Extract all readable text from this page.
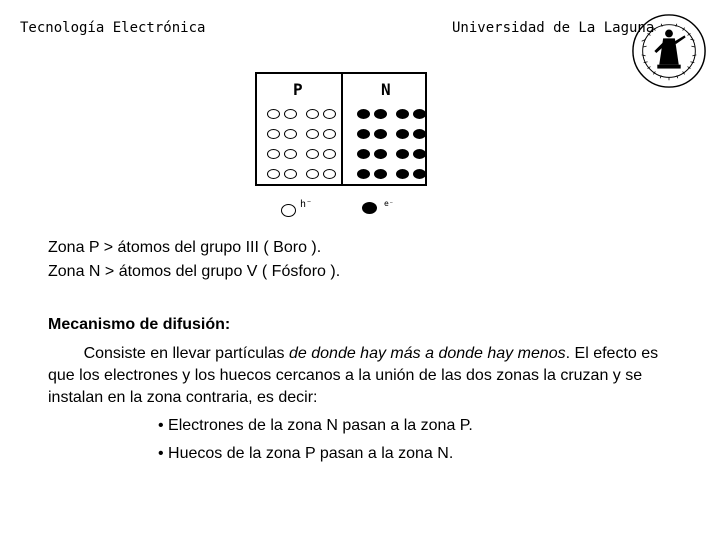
Tecnología Electrónica	Universidad de La Laguna
P	N
h⁻	e⁻

Zona P > átomos del grupo III ( Boro ).

Zona N > átomos del grupo V ( Fósforo ).

Mecanismo de difusión:

Consiste en llevar partículas de donde hay más a donde hay menos. El efecto es que los electrones y los huecos cercanos a la unión de las dos zonas la cruzan y se instalan en la zona contraria, es decir:

• Electrones de la zona N pasan a la zona P.

• Huecos de la zona P pasan a la zona N.
